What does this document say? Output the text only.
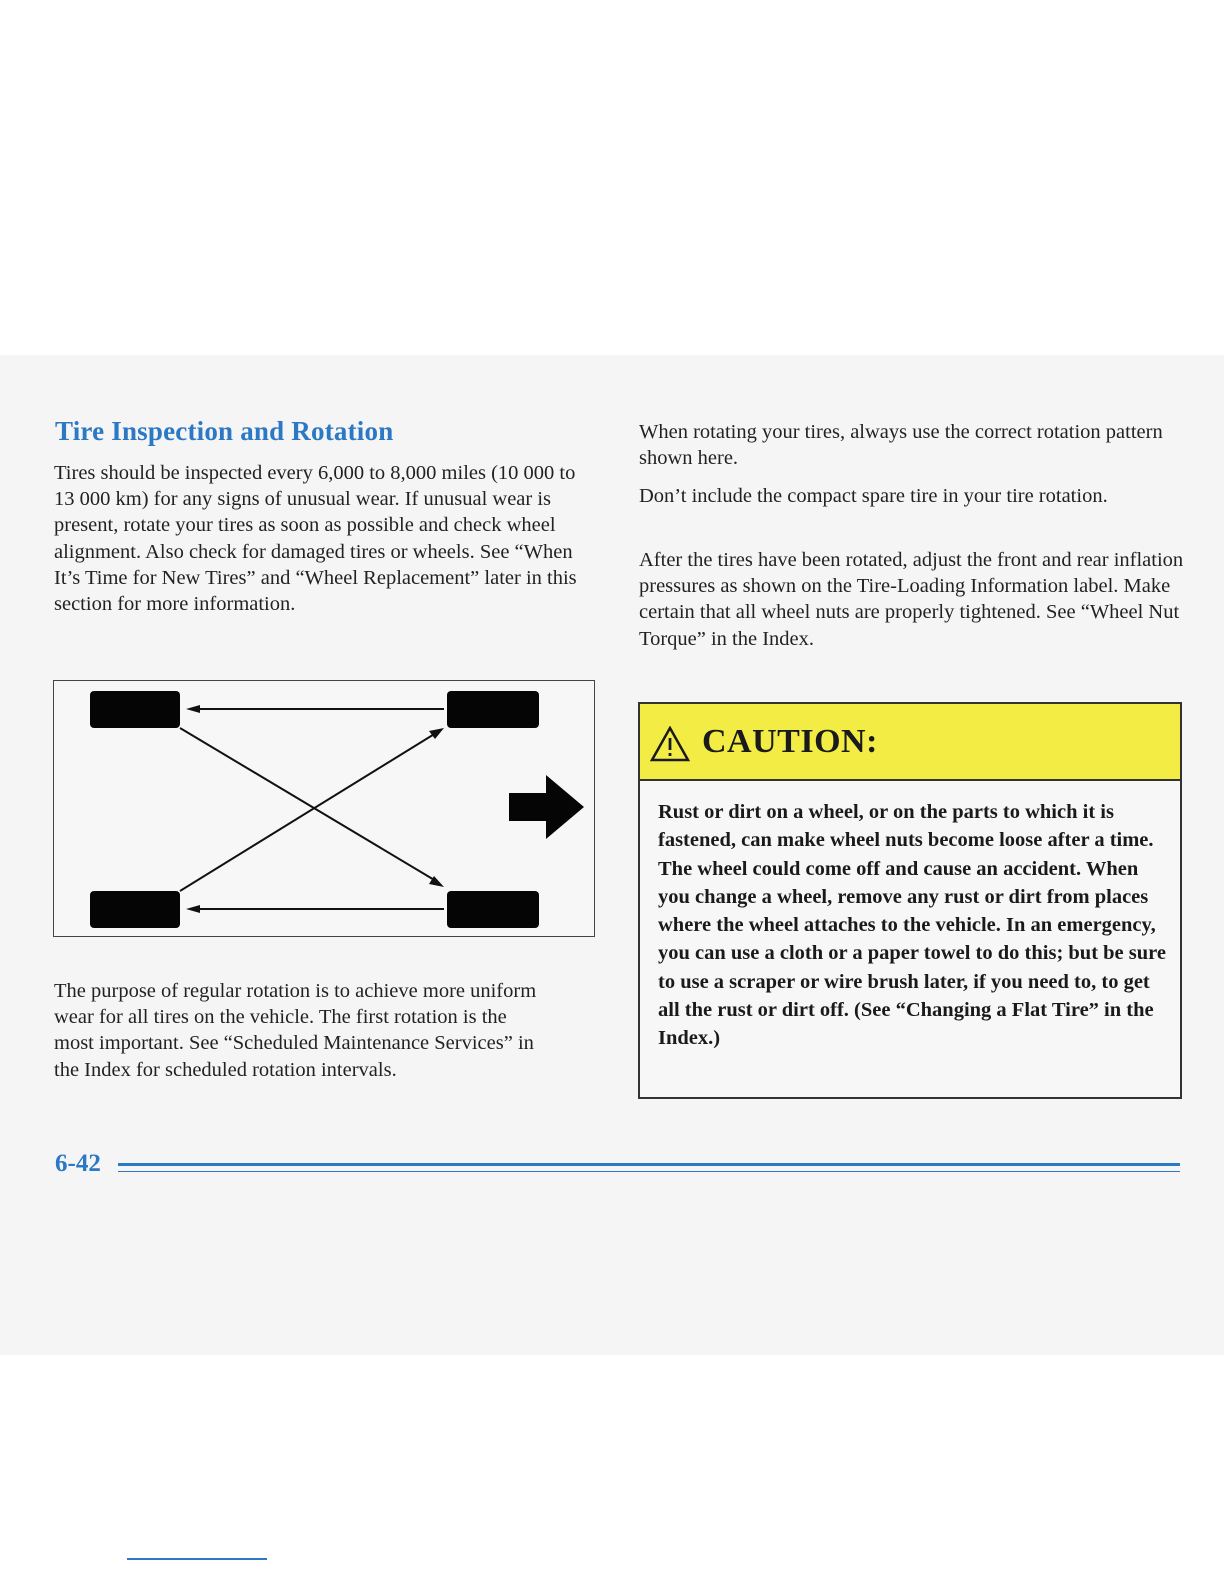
Tire Inspection and Rotation

Tires should be inspected every 6,000 to 8,000 miles (10 000 to 13 000 km) for any signs of unusual wear. If unusual wear is present, rotate your tires as soon as possible and check wheel alignment. Also check for damaged tires or wheels. See “When It’s Time for New Tires” and “Wheel Replacement” later in this section for more information.

The purpose of regular rotation is to achieve more uniform wear for all tires on the vehicle. The first rotation is the most important. See “Scheduled Maintenance Services” in the Index for scheduled rotation intervals.

When rotating your tires, always use the correct rotation pattern shown here.

Don’t include the compact spare tire in your tire rotation.

After the tires have been rotated, adjust the front and rear inflation pressures as shown on the Tire-Loading Information label. Make certain that all wheel nuts are properly tightened. See “Wheel Nut Torque” in the Index.

CAUTION:

Rust or dirt on a wheel, or on the parts to which it is fastened, can make wheel nuts become loose after a time. The wheel could come off and cause an accident. When you change a wheel, remove any rust or dirt from places where the wheel attaches to the vehicle. In an emergency, you can use a cloth or a paper towel to do this; but be sure to use a scraper or wire brush later, if you need to, to get all the rust or dirt off. (See “Changing a Flat Tire” in the Index.)

6-42
